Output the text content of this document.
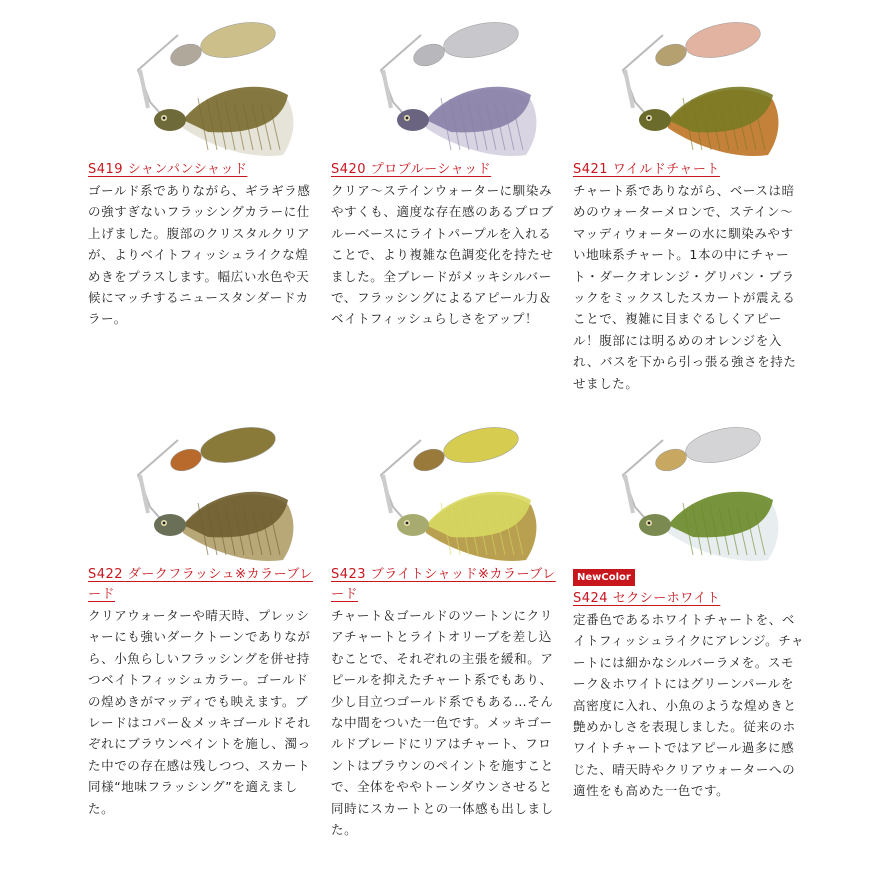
S419 シャンパンシャッド

ゴールド系でありながら、ギラギラ感の強すぎないフラッシングカラーに仕上げました。腹部のクリスタルクリアが、よりベイトフィッシュライクな煌めきをプラスします。幅広い水色や天候にマッチするニュースタンダードカラー。

S420 プロブルーシャッド

クリア～ステインウォーターに馴染みやすくも、適度な存在感のあるプロブルーベースにライトパープルを入れることで、より複雑な色調変化を持たせました。全ブレードがメッキシルバーで、フラッシングによるアピール力＆ベイトフィッシュらしさをアップ！

S421 ワイルドチャート

チャート系でありながら、ベースは暗めのウォーターメロンで、ステイン～マッディウォーターの水に馴染みやすい地味系チャート。1本の中にチャート・ダークオレンジ・グリパン・ブラックをミックスしたスカートが震えることで、複雑に目まぐるしくアピール！腹部には明るめのオレンジを入れ、バスを下から引っ張る強さを持たせました。

S422 ダークフラッシュ※カラーブレード

クリアウォーターや晴天時、プレッシャーにも強いダークトーンでありながら、小魚らしいフラッシングを併せ持つベイトフィッシュカラー。ゴールドの煌めきがマッディでも映えます。ブレードはコパー＆メッキゴールドそれぞれにブラウンペイントを施し、濁った中での存在感は残しつつ、スカート同様“地味フラッシング”を適えました。

S423 ブライトシャッド※カラーブレード

チャート＆ゴールドのツートンにクリアチャートとライトオリーブを差し込むことで、それぞれの主張を緩和。アピールを抑えたチャート系でもあり、少し目立つゴールド系でもある…そんな中間をついた一色です。メッキゴールドブレードにリアはチャート、フロントはブラウンのペイントを施すことで、全体をややトーンダウンさせると同時にスカートとの一体感も出しました。

NewColor

S424 セクシーホワイト

定番色であるホワイトチャートを、ベイトフィッシュライクにアレンジ。チャートには細かなシルバーラメを。スモーク＆ホワイトにはグリーンパールを高密度に入れ、小魚のような煌めきと艶めかしさを表現しました。従来のホワイトチャートではアピール過多に感じた、晴天時やクリアウォーターへの適性をも高めた一色です。
